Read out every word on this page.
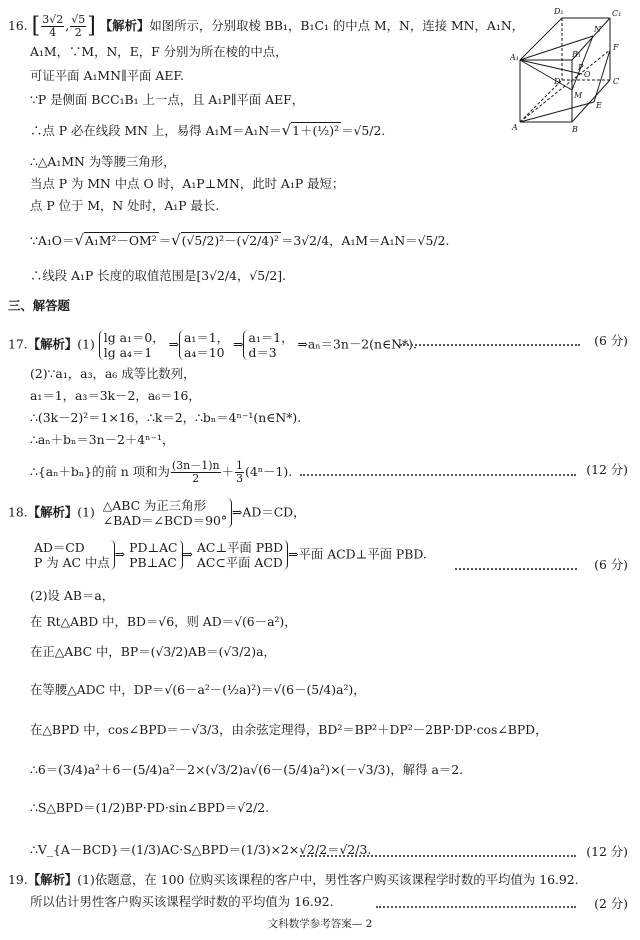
16. [ $\frac{3√2}{4}$ , $\frac{√5}{2}$ ] 【解析】如图所示，分别取棱 BB₁，B₁C₁ 的中点 M，N，连接 MN，A₁N，
A₁M，∵M，N，E，F 分别为所在棱的中点，
可证平面 A₁MN∥平面 AEF.
∵P 是侧面 BCC₁B₁ 上一点，且 A₁P∥平面 AEF，
∴点 P 必在线段 MN 上，易得 A₁M＝A₁N＝√1＋(½)² ＝√5/2.
∴△A₁MN 为等腰三角形，
当点 P 为 MN 中点 O 时，A₁P⊥MN，此时 A₁P 最短；
点 P 位于 M，N 处时，A₁P 最长.
∵A₁O＝√A₁M²－OM² ＝√(√5/2)²－(√2/4)² ＝3√2/4，A₁M＝A₁N＝√5/2.
∴线段 A₁P 长度的取值范围是[3√2/4，√5/2].
D₁	C₁
N
F
A₁	B₁
D
O
C
M
E
A	B
P
三、解答题
17.【解析】(1) lg a₁＝0，
lg a₄＝1
⇒ a₁＝1，
a₄＝10
⇒ a₁＝1，
d＝3
⇒aₙ＝3n－2(n∈N*).	(6 分)
(2)∵a₁，a₃，a₆ 成等比数列，
a₁＝1，a₃＝3k－2，a₆＝16，
∴(3k－2)²＝1×16，∴k＝2，∴bₙ＝4ⁿ⁻¹(n∈N*).
∴aₙ＋bₙ＝3n－2＋4ⁿ⁻¹，
∴{aₙ＋bₙ}的前 n 项和为 $\frac{(3n-1)n}{2} + \frac{1}{3} (4^n-1)$.	(12 分)
18.【解析】(1) △ABC 为正三角形
∠BAD＝∠BCD＝90°
⇒AD＝CD，
AD＝CD
P 为 AC 中点
⇒ PD⊥AC
PB⊥AC
⇒ AC⊥平面 PBD
AC⊂平面 ACD
⇒平面 ACD⊥平面 PBD.
(6 分)
(2)设 AB＝a，
在 Rt△ABD 中，BD＝√6，则 AD＝√(6－a²)，
在正△ABC 中，BP＝(√3/2)AB＝(√3/2)a，
在等腰△ADC 中，DP＝√(6－a²－(½a)²)＝√(6－(5/4)a²)，
在△BPD 中，cos∠BPD＝－√3/3，由余弦定理得，BD²＝BP²＋DP²－2BP·DP·cos∠BPD，
∴6＝(3/4)a²＋6－(5/4)a²－2×(√3/2)a√(6－(5/4)a²)×(－√3/3)，解得 a＝2.
∴S△BPD＝(1/2)BP·PD·sin∠BPD＝√2/2.
∴V_{A－BCD}＝(1/3)AC·S△BPD＝(1/3)×2×√2/2＝√2/3.	(12 分)
19.【解析】(1)依题意，在 100 位购买该课程的客户中，男性客户购买该课程学时数的平均值为 16.92.
所以估计男性客户购买该课程学时数的平均值为 16.92.	(2 分)
文科数学参考答案— 2
